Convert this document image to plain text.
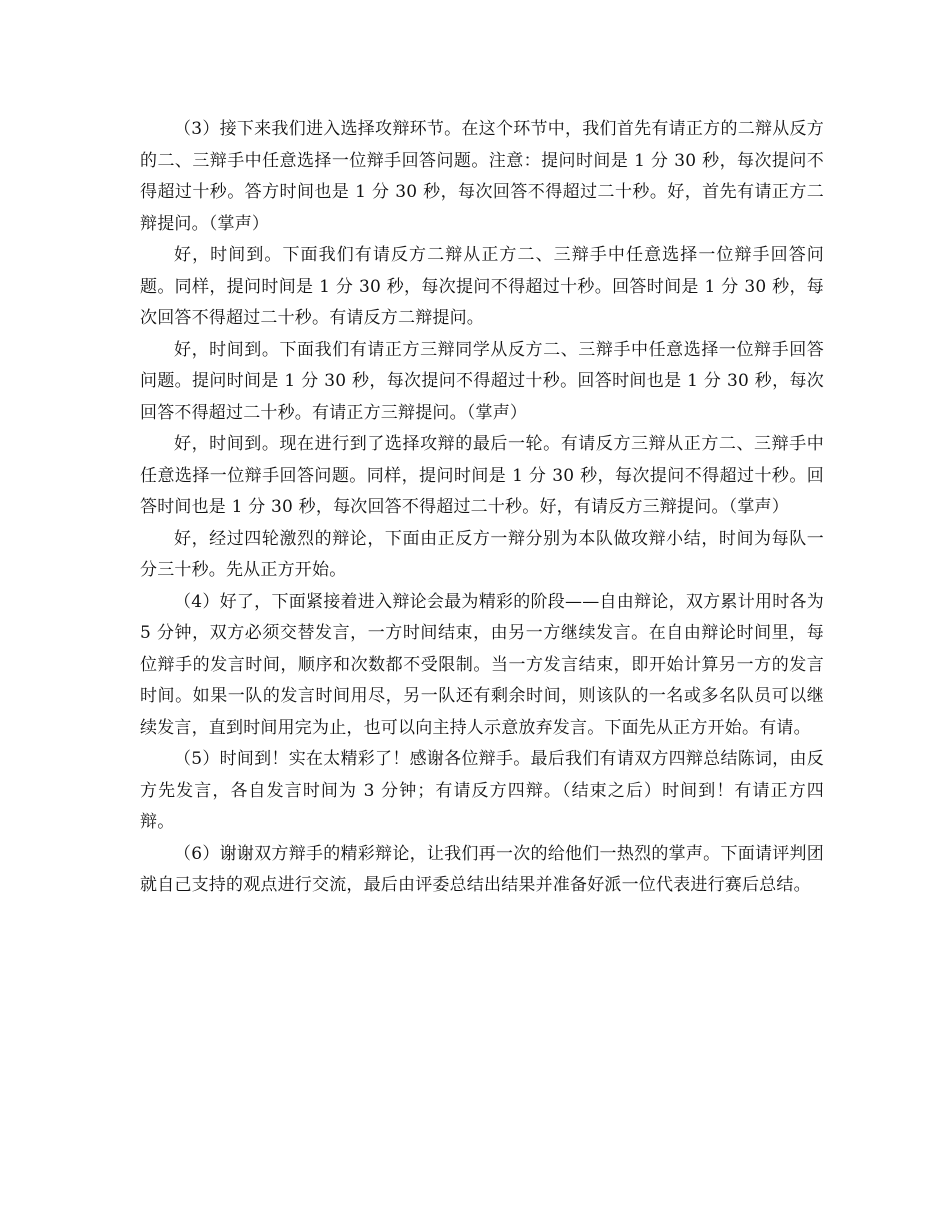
（3）接下来我们进入选择攻辩环节。在这个环节中，我们首先有请正方的二辩从反方的二、三辩手中任意选择一位辩手回答问题。注意：提问时间是 1 分 30 秒，每次提问不得超过十秒。答方时间也是 1 分 30 秒，每次回答不得超过二十秒。好，首先有请正方二辩提问。（掌声）

好，时间到。下面我们有请反方二辩从正方二、三辩手中任意选择一位辩手回答问题。同样，提问时间是 1 分 30 秒，每次提问不得超过十秒。回答时间是 1 分 30 秒，每次回答不得超过二十秒。有请反方二辩提问。

好，时间到。下面我们有请正方三辩同学从反方二、三辩手中任意选择一位辩手回答问题。提问时间是 1 分 30 秒，每次提问不得超过十秒。回答时间也是 1 分 30 秒，每次回答不得超过二十秒。有请正方三辩提问。（掌声）

好，时间到。现在进行到了选择攻辩的最后一轮。有请反方三辩从正方二、三辩手中任意选择一位辩手回答问题。同样，提问时间是 1 分 30 秒，每次提问不得超过十秒。回答时间也是 1 分 30 秒，每次回答不得超过二十秒。好，有请反方三辩提问。（掌声）

好，经过四轮激烈的辩论，下面由正反方一辩分别为本队做攻辩小结，时间为每队一分三十秒。先从正方开始。

（4）好了，下面紧接着进入辩论会最为精彩的阶段——自由辩论，双方累计用时各为 5 分钟，双方必须交替发言，一方时间结束，由另一方继续发言。在自由辩论时间里，每位辩手的发言时间，顺序和次数都不受限制。当一方发言结束，即开始计算另一方的发言时间。如果一队的发言时间用尽，另一队还有剩余时间，则该队的一名或多名队员可以继续发言，直到时间用完为止，也可以向主持人示意放弃发言。下面先从正方开始。有请。

（5）时间到！实在太精彩了！感谢各位辩手。最后我们有请双方四辩总结陈词，由反方先发言，各自发言时间为 3 分钟；有请反方四辩。（结束之后）时间到！有请正方四辩。

（6）谢谢双方辩手的精彩辩论，让我们再一次的给他们一热烈的掌声。下面请评判团就自己支持的观点进行交流，最后由评委总结出结果并准备好派一位代表进行赛后总结。
